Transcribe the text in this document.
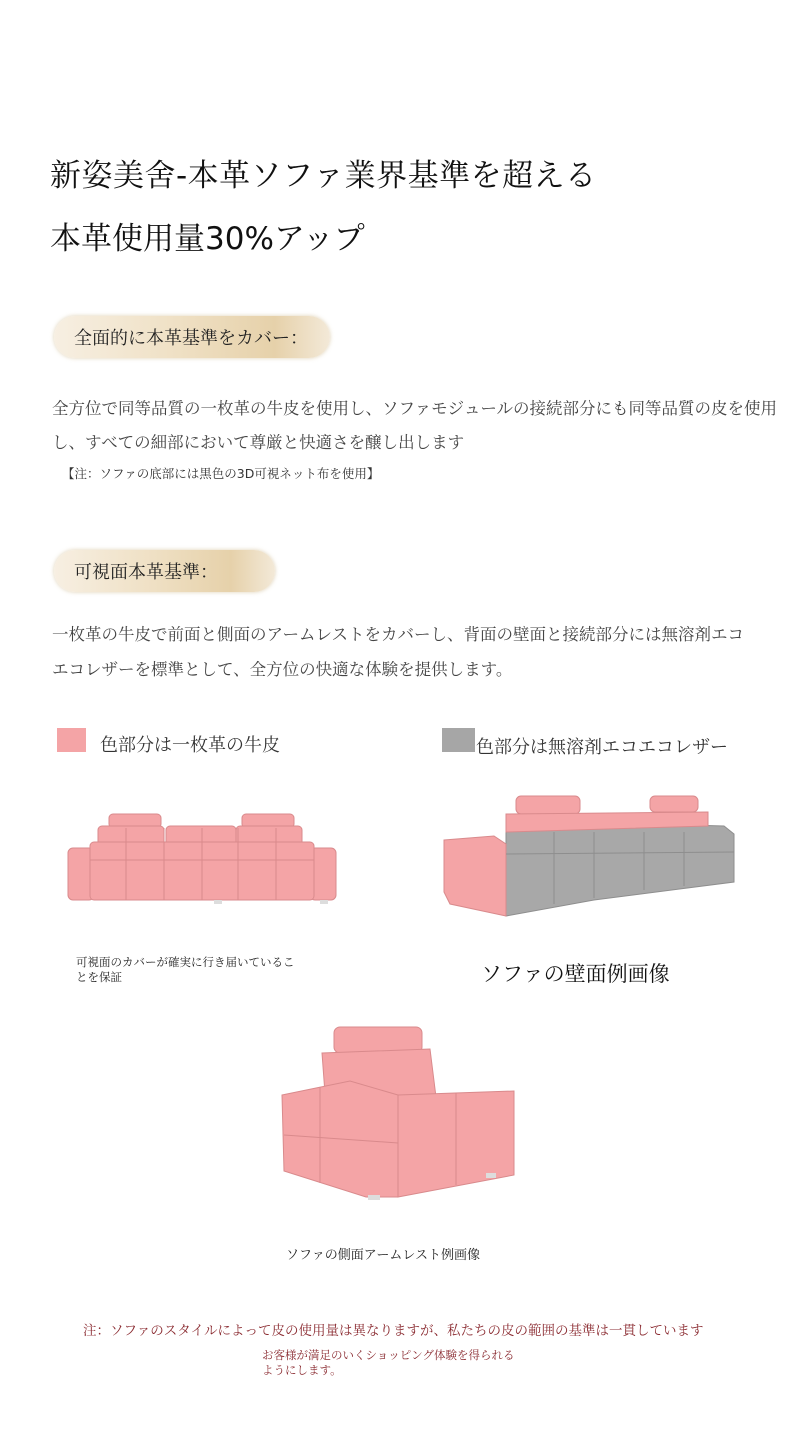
新姿美舍-本革ソファ業界基準を超える
本革使用量30%アップ
全面的に本革基準をカバー：
全方位で同等品質の一枚革の牛皮を使用し、ソファモジュールの接続部分にも同等品質の皮を使用
し、すべての細部において尊厳と快適さを醸し出します
【注：ソファの底部には黒色の3D可視ネット布を使用】
可視面本革基準：
一枚革の牛皮で前面と側面のアームレストをカバーし、背面の壁面と接続部分には無溶剤エコ
エコレザーを標準として、全方位の快適な体験を提供します。
色部分は一枚革の牛皮	色部分は無溶剤エコエコレザー
可視面のカバーが確実に行き届いていることを保証	ソファの壁面例画像
ソファの側面アームレスト例画像
注：ソファのスタイルによって皮の使用量は異なりますが、私たちの皮の範囲の基準は一貫しています
お客様が満足のいくショッピング体験を得られるようにします。
